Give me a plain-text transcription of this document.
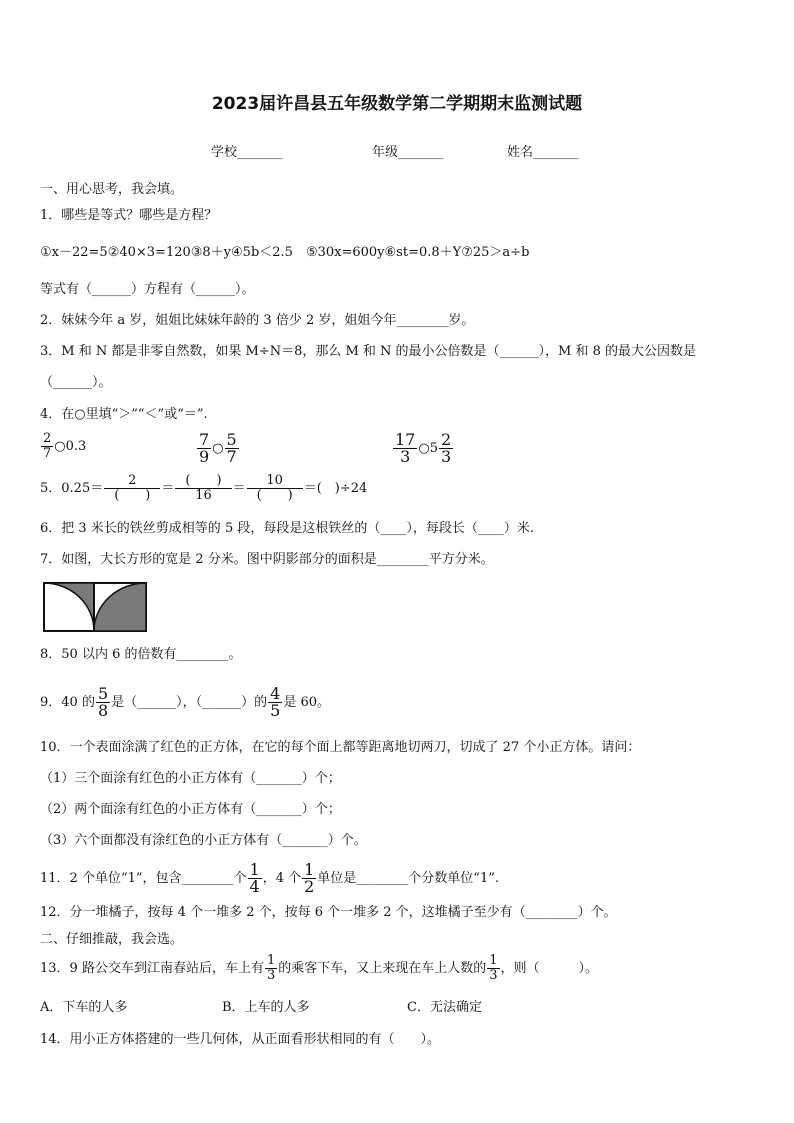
2023届许昌县五年级数学第二学期期末监测试题
学校_______	年级_______	姓名_______
一、用心思考，我会填。
1．哪些是等式？哪些是方程？
①x－22=5②40×3=120③8＋y④5b＜2.5　⑤30x=600y⑥st=0.8＋Y⑦25＞a÷b
等式有（______）方程有（______）。
2．妹妹今年 a 岁，姐姐比妹妹年龄的 3 倍少 2 岁，姐姐今年________岁。
3．M 和 N 都是非零自然数，如果 M÷N＝8，那么 M 和 N 的最小公倍数是（______），M 和 8 的最大公因数是
（______）。
4．在○里填“＞”“＜”或“＝”.
$\frac{2}{7}$ ○0.3	$\frac{7}{9}$ ○ $\frac{5}{7}$	$\frac{17}{3}$ ○5 $\frac{2}{3}$
5．$0.25= \frac{2}{( )} = \frac{( )}{16} = \frac{10}{( )}$ ＝(　)÷24
6．把 3 米长的铁丝剪成相等的 5 段，每段是这根铁丝的（____），每段长（____）米.
7．如图，大长方形的宽是 2 分米。图中阴影部分的面积是________平方分米。
8．50 以内 6 的倍数有________。
9．40 的 $\frac{5}{8}$ 是（______），（______）的 $\frac{4}{5}$ 是 60。
10．一个表面涂满了红色的正方体，在它的每个面上都等距离地切两刀，切成了 27 个小正方体。请问：
（1）三个面涂有红色的小正方体有（_______）个；
（2）两个面涂有红色的小正方体有（_______）个；
（3）六个面都没有涂红色的小正方体有（_______）个。
11．2 个单位“1”，包含________个 $\frac{1}{4}$ ，4 个 $\frac{1}{2}$ 单位是________个分数单位“1”.
12．分一堆橘子，按每 4 个一堆多 2 个，按每 6 个一堆多 2 个，这堆橘子至少有（________）个。
二、仔细推敲，我会选。
13．9 路公交车到江南春站后，车上有 $\frac{1}{3}$ 的乘客下车，又上来现在车上人数的 $\frac{1}{3}$ ，则（　　　）。
A．下车的人多	B．上车的人多	C．无法确定
14．用小正方体搭建的一些几何体，从正面看形状相同的有（　　）。
